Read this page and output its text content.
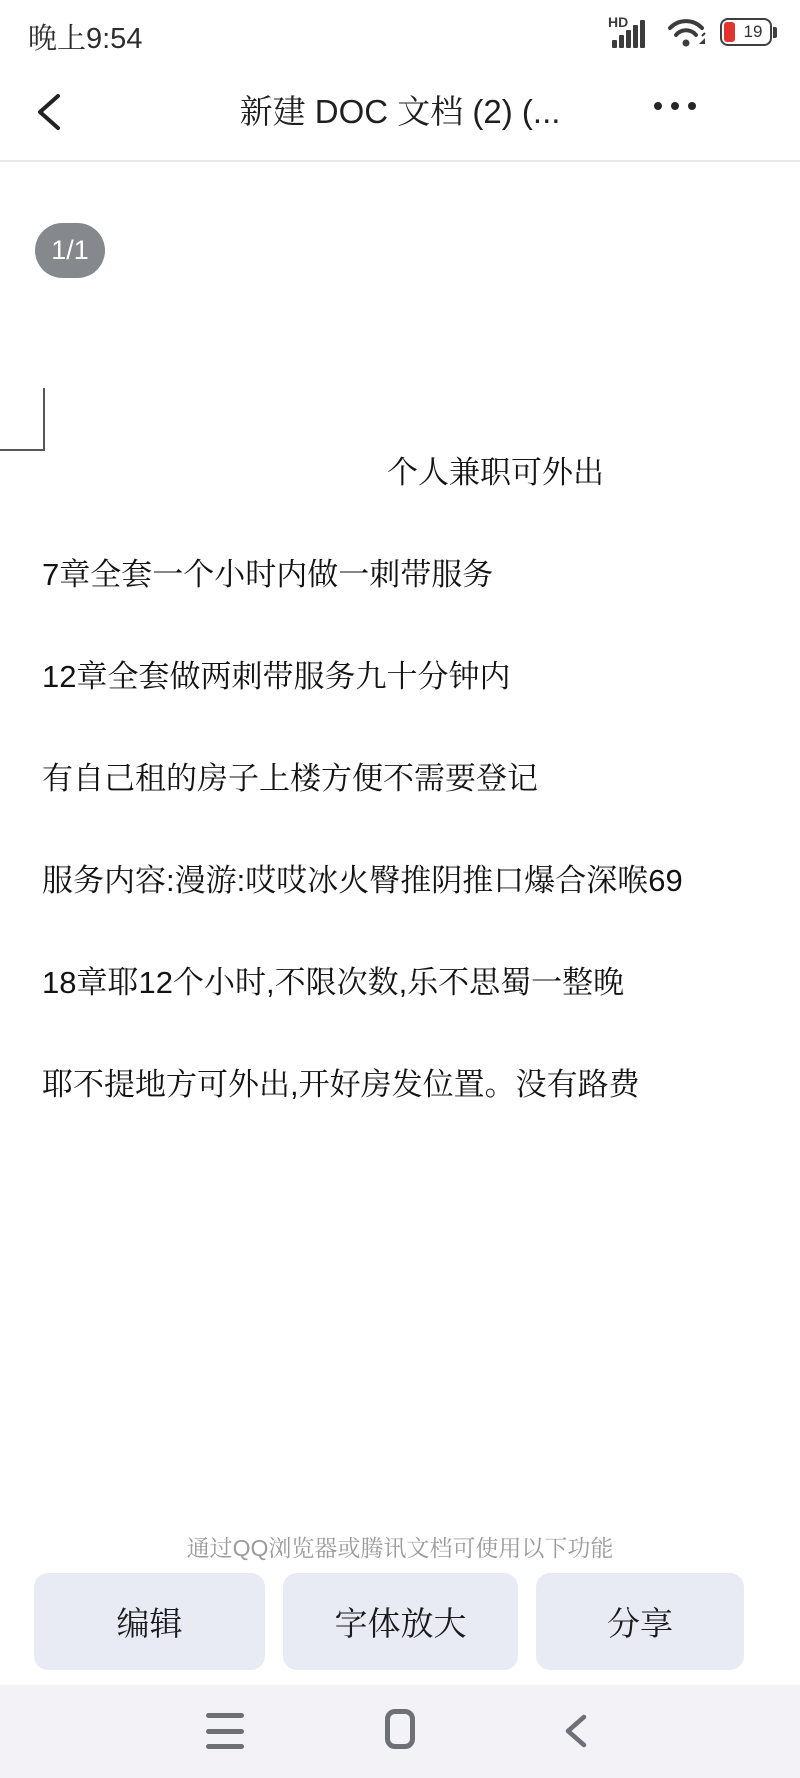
晚上9:54
HD	19
新建 DOC 文档 (2) (...
1/1

个人兼职可外出

7章全套一个小时内做一刺带服务

12章全套做两刺带服务九十分钟内

有自己租的房子上楼方便不需要登记

服务内容:漫游:哎哎冰火臀推阴推口爆合深喉69

18章耶12个小时,不限次数,乐不思蜀一整晚

耶不提地方可外出,开好房发位置。没有路费

通过QQ浏览器或腾讯文档可使用以下功能
编辑	字体放大	分享
